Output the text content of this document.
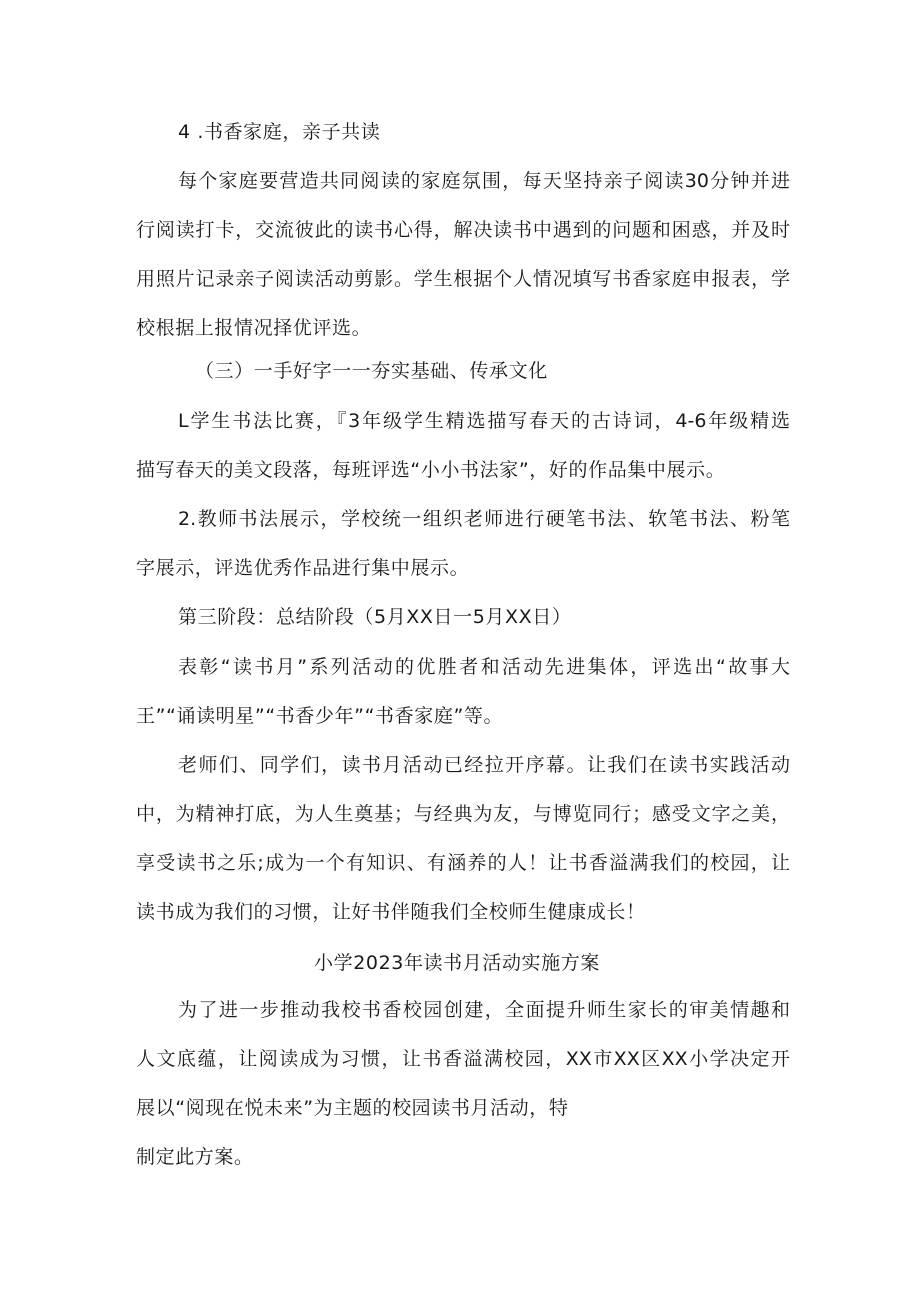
4 .书香家庭，亲子共读
每个家庭要营造共同阅读的家庭氛围，每天坚持亲子阅读30分钟并进
行阅读打卡，交流彼此的读书心得，解决读书中遇到的问题和困惑，并及时
用照片记录亲子阅读活动剪影。学生根据个人情况填写书香家庭申报表，学
校根据上报情况择优评选。
（三）一手好字一一夯实基础、传承文化
L学生书法比赛，『3年级学生精选描写春天的古诗词，4-6年级精选
描写春天的美文段落，每班评选“小小书法家”，好的作品集中展示。
2.教师书法展示，学校统一组织老师进行硬笔书法、软笔书法、粉笔
字展示，评选优秀作品进行集中展示。
第三阶段：总结阶段（5月XX日一5月XX日）
表彰“读书月”系列活动的优胜者和活动先进集体，评选出“故事大
王”“诵读明星”“书香少年”“书香家庭”等。
老师们、同学们，读书月活动已经拉开序幕。让我们在读书实践活动
中，为精神打底，为人生奠基；与经典为友，与博览同行；感受文字之美，
享受读书之乐;成为一个有知识、有涵养的人！让书香溢满我们的校园，让
读书成为我们的习惯，让好书伴随我们全校师生健康成长！
小学2023年读书月活动实施方案
为了进一步推动我校书香校园创建，全面提升师生家长的审美情趣和
人文底蕴，让阅读成为习惯，让书香溢满校园，XX市XX区XX小学决定开
展以“阅现在悦未来”为主题的校园读书月活动，特
制定此方案。
